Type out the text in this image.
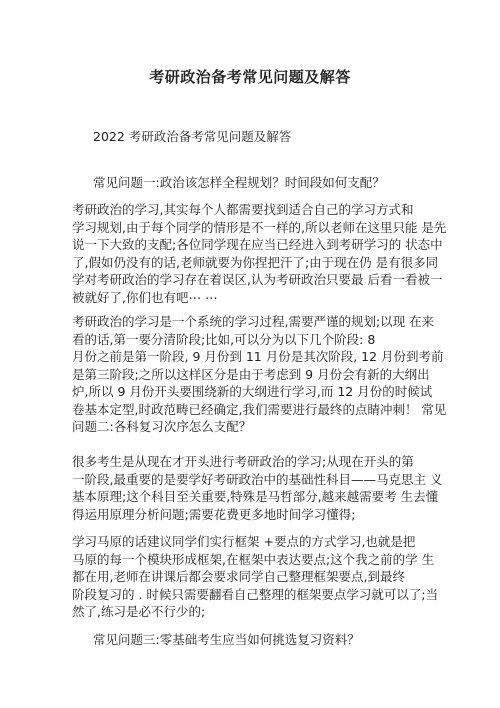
考研政治备考常见问题及解答
2022 考研政治备考常见问题及解答
常见问题一:政治该怎样全程规划？时间段如何支配？
考研政治的学习,其实每个人都需要找到适合自己的学习方式和
学习规划,由于每个同学的情形是不一样的,所以老师在这里只能 是先
说一下大致的支配;各位同学现在应当已经进入到考研学习的 状态中
了,假如仍没有的话,老师就要为你捏把汗了;由于现在仍 是有很多同
学对考研政治的学习存在着误区,认为考研政治只要最 后看一看被一
被就好了,你们也有吧⋯ ⋯
考研政治的学习是一个系统的学习过程,需要严谨的规划;以现 在来
看的话,第一要分清阶段;比如,可以分为以下几个阶段: 8
月份之前是第一阶段, 9 月份到 11 月份是其次阶段, 12 月份到考前
是第三阶段;之所以这样区分是由于考虑到 9 月份会有新的大纲出
炉,所以 9 月份开头要围绕新的大纲进行学习,而 12 月份的时候试
卷基本定型,时政范畴已经确定,我们需要进行最终的点睛冲刺！ 常见
问题二:各科复习次序怎么支配？
很多考生是从现在才开头进行考研政治的学习;从现在开头的第
一阶段,最重要的是要学好考研政治中的基础性科目——马克思主 义
基本原理;这个科目至关重要,特殊是马哲部分,越来越需要考 生去懂
得运用原理分析问题;需要花费更多地时间学习懂得;
学习马原的话建议同学们实行框架 +要点的方式学习,也就是把
马原的每一个模块形成框架,在框架中表达要点;这个我之前的学 生
都在用,老师在讲课后都会要求同学自己整理框架要点,到最终
阶段复习的 . 时候只需要翻看自己整理的框架要点学习就可以了;当
然了,练习是必不行少的;
常见问题三:零基础考生应当如何挑选复习资料？
